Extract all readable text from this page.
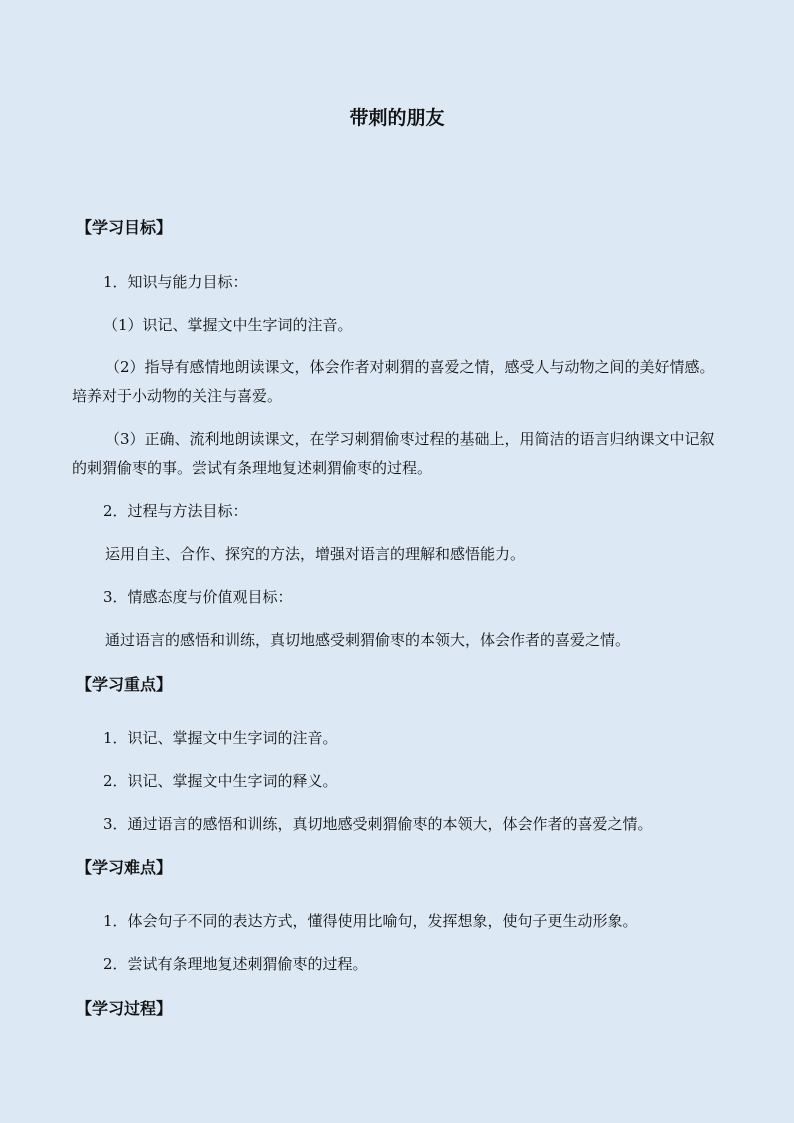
带刺的朋友
【学习目标】
1．知识与能力目标：
（1）识记、掌握文中生字词的注音。
（2）指导有感情地朗读课文，体会作者对刺猬的喜爱之情，感受人与动物之间的美好情感。培养对于小动物的关注与喜爱。
（3）正确、流利地朗读课文，在学习刺猬偷枣过程的基础上，用简洁的语言归纳课文中记叙的刺猬偷枣的事。尝试有条理地复述刺猬偷枣的过程。
2．过程与方法目标：
运用自主、合作、探究的方法，增强对语言的理解和感悟能力。
3．情感态度与价值观目标：
通过语言的感悟和训练，真切地感受刺猬偷枣的本领大，体会作者的喜爱之情。
【学习重点】
1．识记、掌握文中生字词的注音。
2．识记、掌握文中生字词的释义。
3．通过语言的感悟和训练，真切地感受刺猬偷枣的本领大，体会作者的喜爱之情。
【学习难点】
1．体会句子不同的表达方式，懂得使用比喻句，发挥想象，使句子更生动形象。
2．尝试有条理地复述刺猬偷枣的过程。
【学习过程】
